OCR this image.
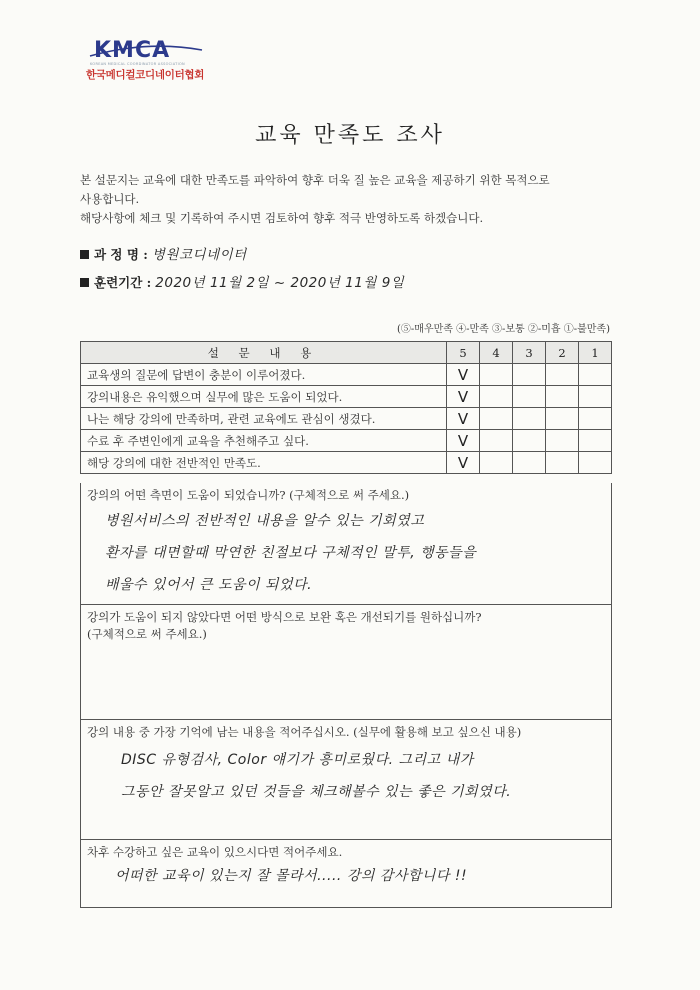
KMCA
KOREAN MEDICAL COORDINATOR ASSOCIATION
한국메디컬코디네이터협회
교육 만족도 조사

본 설문지는 교육에 대한 만족도를 파악하여 향후 더욱 질 높은 교육을 제공하기 위한 목적으로

사용합니다.

해당사항에 체크 및 기록하여 주시면 검토하여 향후 적극 반영하도록 하겠습니다.

과 정 명 : 병원코디네이터
훈련기간 : 2020년 11월 2일 ~ 2020년 11월 9일
(⑤-매우만족 ④-만족 ③-보통 ②-미흡 ①-불만족)
설 문 내 용	5	4	3	2	1
교육생의 질문에 답변이 충분이 이루어졌다.	V				
강의내용은 유익했으며 실무에 많은 도움이 되었다.	V				
나는 해당 강의에 만족하며, 관련 교육에도 관심이 생겼다.	V				
수료 후 주변인에게 교육을 추천해주고 싶다.	V				
해당 강의에 대한 전반적인 만족도.	V				
강의의 어떤 측면이 도움이 되었습니까? (구체적으로 써 주세요.)
병원서비스의 전반적인 내용을 알수 있는 기회였고
환자를 대면할때 막연한 친절보다 구체적인 말투, 행동들을
배울수 있어서 큰 도움이 되었다.
강의가 도움이 되지 않았다면 어떤 방식으로 보완 혹은 개선되기를 원하십니까?
(구체적으로 써 주세요.)
강의 내용 중 가장 기억에 남는 내용을 적어주십시오. (실무에 활용해 보고 싶으신 내용)
DISC 유형검사, Color 얘기가 흥미로웠다. 그리고 내가
그동안 잘못알고 있던 것들을 체크해볼수 있는 좋은 기회였다.
차후 수강하고 싶은 교육이 있으시다면 적어주세요.
어떠한 교육이 있는지 잘 몰라서..... 강의 감사합니다 !!
